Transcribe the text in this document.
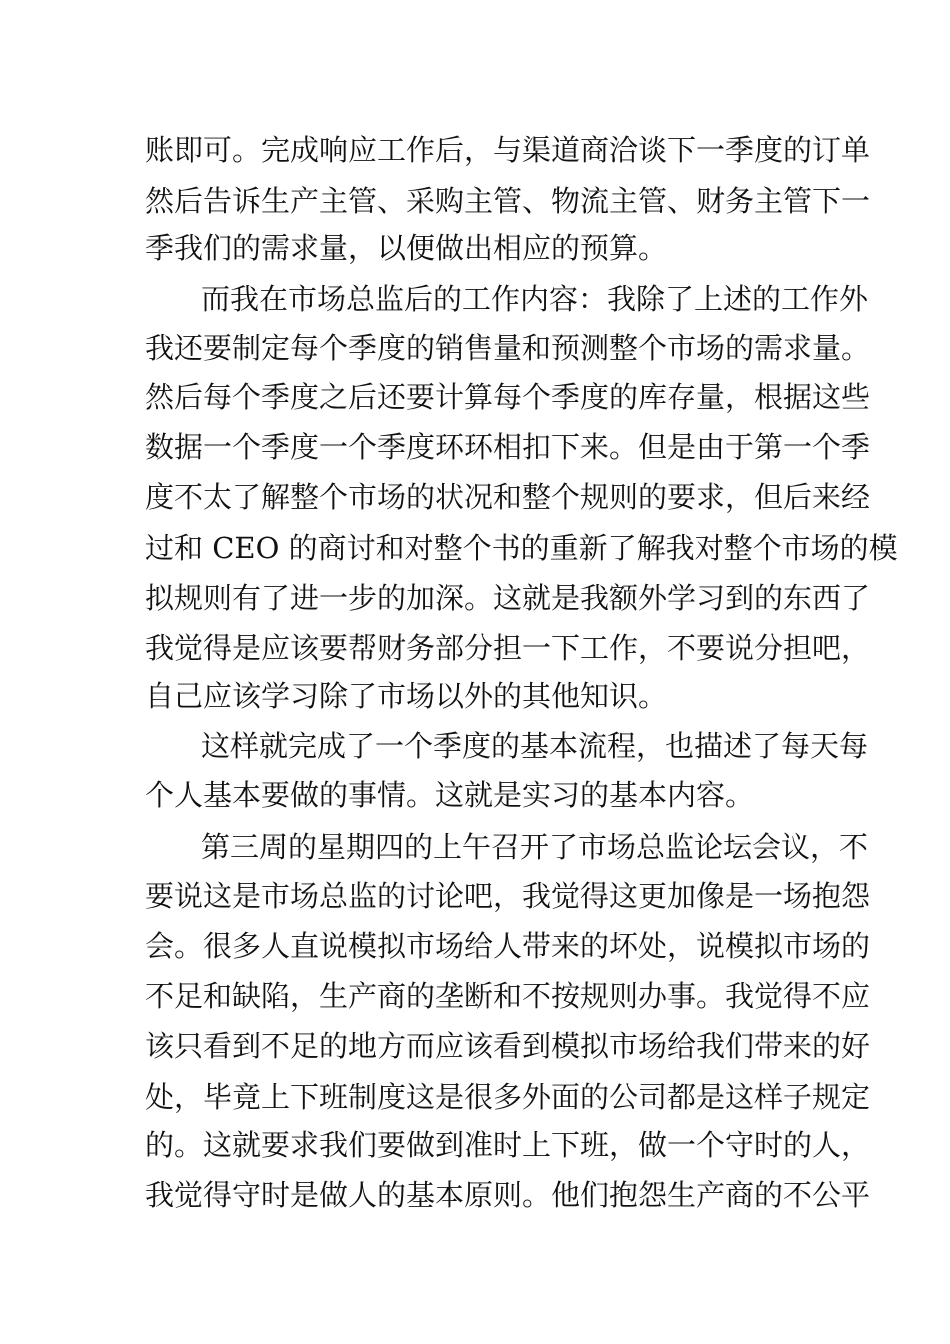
账即可。完成响应工作后，与渠道商洽谈下一季度的订单
然后告诉生产主管、采购主管、物流主管、财务主管下一
季我们的需求量，以便做出相应的预算。
而我在市场总监后的工作内容：我除了上述的工作外
我还要制定每个季度的销售量和预测整个市场的需求量。
然后每个季度之后还要计算每个季度的库存量，根据这些
数据一个季度一个季度环环相扣下来。但是由于第一个季
度不太了解整个市场的状况和整个规则的要求，但后来经
过和 CEO 的商讨和对整个书的重新了解我对整个市场的模
拟规则有了进一步的加深。这就是我额外学习到的东西了
我觉得是应该要帮财务部分担一下工作，不要说分担吧，
自己应该学习除了市场以外的其他知识。
这样就完成了一个季度的基本流程，也描述了每天每
个人基本要做的事情。这就是实习的基本内容。
第三周的星期四的上午召开了市场总监论坛会议，不
要说这是市场总监的讨论吧，我觉得这更加像是一场抱怨
会。很多人直说模拟市场给人带来的坏处，说模拟市场的
不足和缺陷，生产商的垄断和不按规则办事。我觉得不应
该只看到不足的地方而应该看到模拟市场给我们带来的好
处，毕竟上下班制度这是很多外面的公司都是这样子规定
的。这就要求我们要做到准时上下班，做一个守时的人，
我觉得守时是做人的基本原则。他们抱怨生产商的不公平
